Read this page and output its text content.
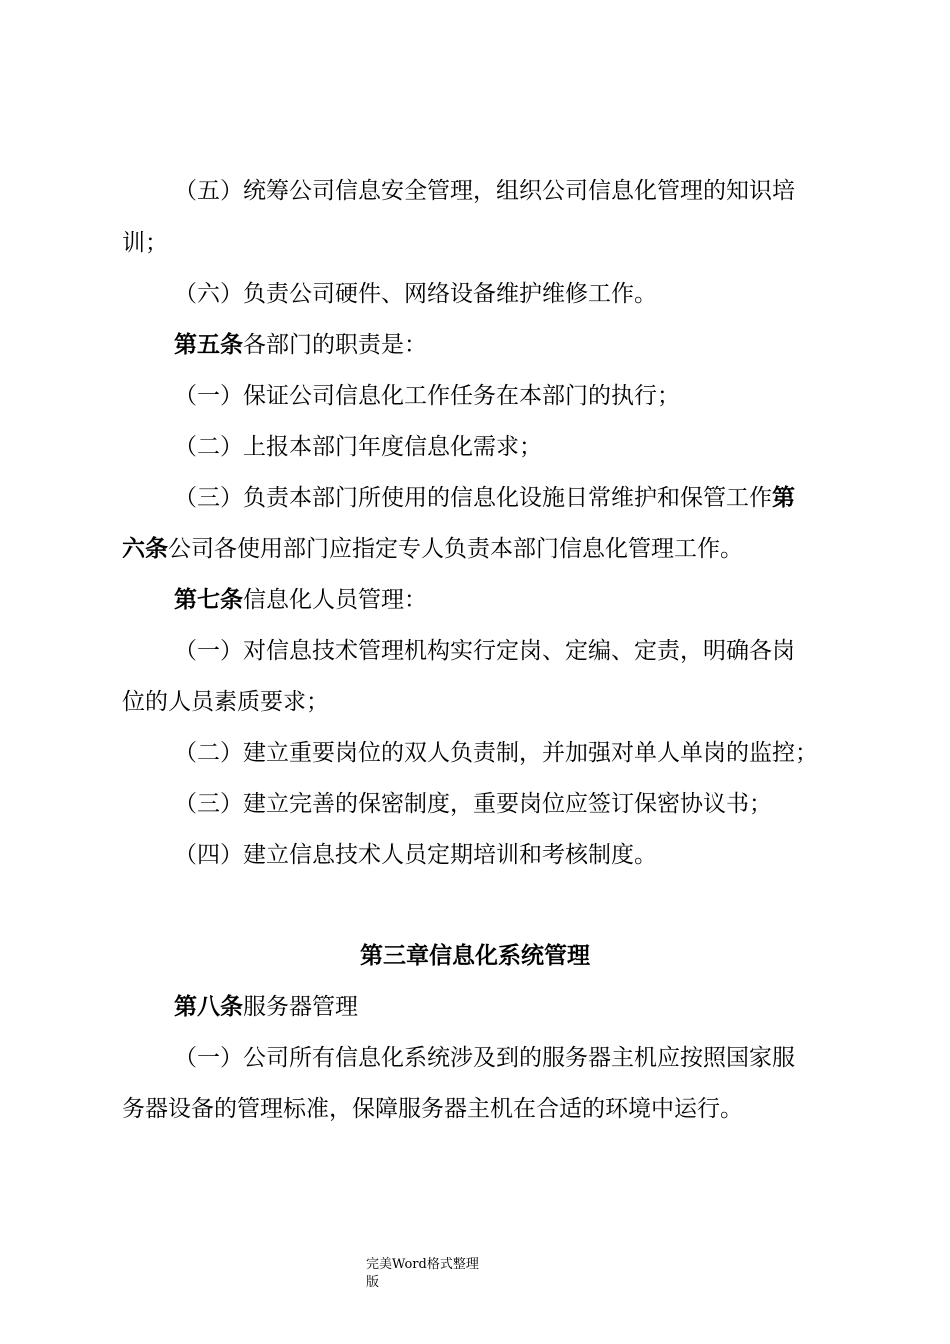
（五）统筹公司信息安全管理，组织公司信息化管理的知识培

训；

（六）负责公司硬件、网络设备维护维修工作。

第五条各部门的职责是：

（一）保证公司信息化工作任务在本部门的执行；

（二）上报本部门年度信息化需求；

（三）负责本部门所使用的信息化设施日常维护和保管工作第

六条公司各使用部门应指定专人负责本部门信息化管理工作。

第七条信息化人员管理：

（一）对信息技术管理机构实行定岗、定编、定责，明确各岗

位的人员素质要求；

（二）建立重要岗位的双人负责制，并加强对单人单岗的监控；

（三）建立完善的保密制度，重要岗位应签订保密协议书；

（四）建立信息技术人员定期培训和考核制度。

第三章信息化系统管理

第八条服务器管理

（一）公司所有信息化系统涉及到的服务器主机应按照国家服

务器设备的管理标准，保障服务器主机在合适的环境中运行。

完美Word格式整理
版
